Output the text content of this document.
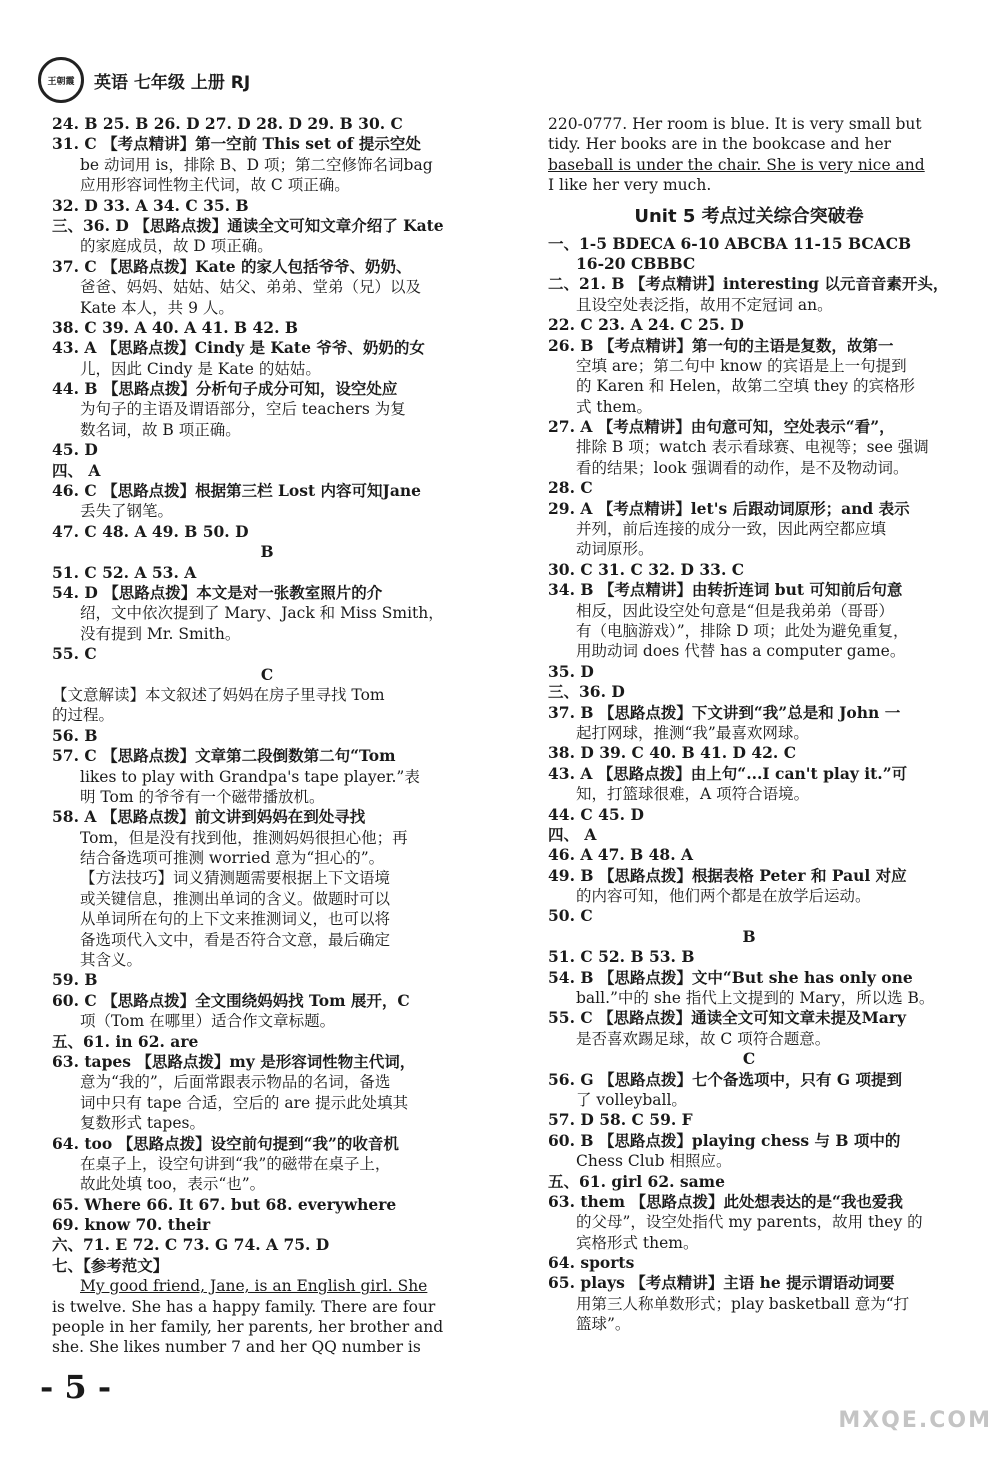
王朝霞 英语 七年级 上册 RJ
24. B 25. B 26. D 27. D 28. D 29. B 30. C
31. C 【考点精讲】第一空前 This set of 提示空处
be 动词用 is，排除 B、D 项；第二空修饰名词bag
应用形容词性物主代词，故 C 项正确。
32. D 33. A 34. C 35. B
三、36. D 【思路点拨】通读全文可知文章介绍了 Kate
的家庭成员，故 D 项正确。
37. C 【思路点拨】Kate 的家人包括爷爷、奶奶、
爸爸、妈妈、姑姑、姑父、弟弟、堂弟（兄）以及
Kate 本人，共 9 人。
38. C 39. A 40. A 41. B 42. B
43. A 【思路点拨】Cindy 是 Kate 爷爷、奶奶的女
儿，因此 Cindy 是 Kate 的姑姑。
44. B 【思路点拨】分析句子成分可知，设空处应
为句子的主语及谓语部分，空后 teachers 为复
数名词，故 B 项正确。
45. D
四、 A
46. C 【思路点拨】根据第三栏 Lost 内容可知Jane
丢失了钢笔。
47. C 48. A 49. B 50. D
B
51. C 52. A 53. A
54. D 【思路点拨】本文是对一张教室照片的介
绍，文中依次提到了 Mary、Jack 和 Miss Smith，
没有提到 Mr. Smith。
55. C
C
【文意解读】本文叙述了妈妈在房子里寻找 Tom
的过程。
56. B
57. C 【思路点拨】文章第二段倒数第二句“Tom
likes to play with Grandpa's tape player.”表
明 Tom 的爷爷有一个磁带播放机。
58. A 【思路点拨】前文讲到妈妈在到处寻找
Tom，但是没有找到他，推测妈妈很担心他；再
结合备选项可推测 worried 意为“担心的”。
【方法技巧】词义猜测题需要根据上下文语境
或关键信息，推测出单词的含义。做题时可以
从单词所在句的上下文来推测词义，也可以将
备选项代入文中，看是否符合文意，最后确定
其含义。
59. B
60. C 【思路点拨】全文围绕妈妈找 Tom 展开，C
项（Tom 在哪里）适合作文章标题。
五、61. in 62. are
63. tapes 【思路点拨】my 是形容词性物主代词，
意为“我的”，后面常跟表示物品的名词，备选
词中只有 tape 合适，空后的 are 提示此处填其
复数形式 tapes。
64. too 【思路点拨】设空前句提到“我”的收音机
在桌子上，设空句讲到“我”的磁带在桌子上，
故此处填 too，表示“也”。
65. Where 66. It 67. but 68. everywhere
69. know 70. their
六、71. E 72. C 73. G 74. A 75. D
七、【参考范文】
My good friend, Jane, is an English girl. She
is twelve. She has a happy family. There are four
people in her family, her parents, her brother and
she. She likes number 7 and her QQ number is
220-0777. Her room is blue. It is very small but
tidy. Her books are in the bookcase and her
baseball is under the chair. She is very nice and
I like her very much.
Unit 5 考点过关综合突破卷
一、1-5 BDECA 6-10 ABCBA 11-15 BCACB
16-20 CBBBC
二、21. B 【考点精讲】interesting 以元音音素开头，
且设空处表泛指，故用不定冠词 an。
22. C 23. A 24. C 25. D
26. B 【考点精讲】第一句的主语是复数，故第一
空填 are；第二句中 know 的宾语是上一句提到
的 Karen 和 Helen，故第二空填 they 的宾格形
式 them。
27. A 【考点精讲】由句意可知，空处表示“看”，
排除 B 项；watch 表示看球赛、电视等；see 强调
看的结果；look 强调看的动作，是不及物动词。
28. C
29. A 【考点精讲】let's 后跟动词原形；and 表示
并列，前后连接的成分一致，因此两空都应填
动词原形。
30. C 31. C 32. D 33. C
34. B 【考点精讲】由转折连词 but 可知前后句意
相反，因此设空处句意是“但是我弟弟（哥哥）
有（电脑游戏）”，排除 D 项；此处为避免重复，
用助动词 does 代替 has a computer game。
35. D
三、36. D
37. B 【思路点拨】下文讲到“我”总是和 John 一
起打网球，推测“我”最喜欢网球。
38. D 39. C 40. B 41. D 42. C
43. A 【思路点拨】由上句“...I can't play it.”可
知，打篮球很难，A 项符合语境。
44. C 45. D
四、 A
46. A 47. B 48. A
49. B 【思路点拨】根据表格 Peter 和 Paul 对应
的内容可知，他们两个都是在放学后运动。
50. C
B
51. C 52. B 53. B
54. B 【思路点拨】文中“But she has only one
ball.”中的 she 指代上文提到的 Mary，所以选 B。
55. C 【思路点拨】通读全文可知文章未提及Mary
是否喜欢踢足球，故 C 项符合题意。
C
56. G 【思路点拨】七个备选项中，只有 G 项提到
了 volleyball。
57. D 58. C 59. F
60. B 【思路点拨】playing chess 与 B 项中的
Chess Club 相照应。
五、61. girl 62. same
63. them 【思路点拨】此处想表达的是“我也爱我
的父母”，设空处指代 my parents，故用 they 的
宾格形式 them。
64. sports
65. plays 【考点精讲】主语 he 提示谓语动词要
用第三人称单数形式；play basketball 意为“打
篮球”。
- 5 -
MXQE.COM
